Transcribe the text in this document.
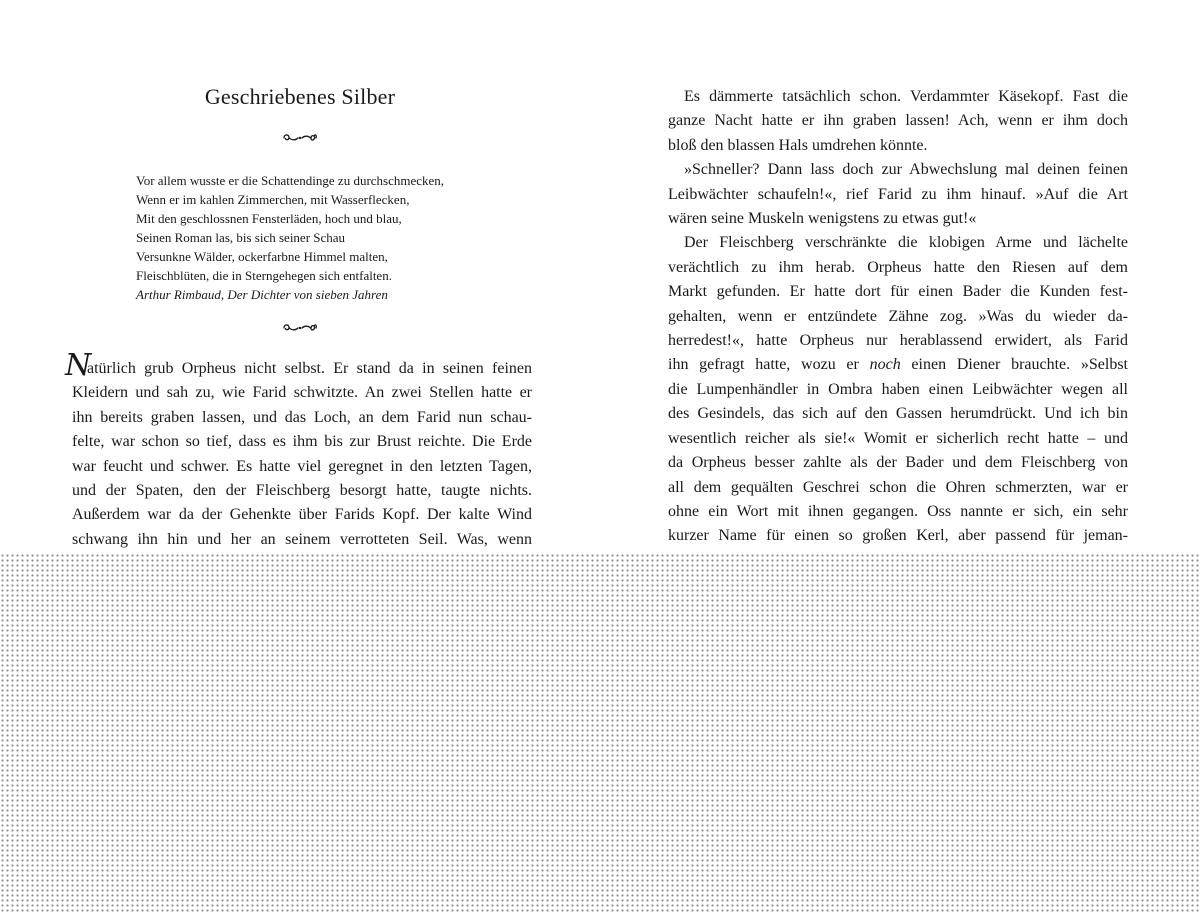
Geschriebenes Silber
Vor allem wusste er die Schattendinge zu durchschmecken,
Wenn er im kahlen Zimmerchen, mit Wasserflecken,
Mit den geschlossnen Fensterläden, hoch und blau,
Seinen Roman las, bis sich seiner Schau
Versunkne Wälder, ockerfarbne Himmel malten,
Fleischblüten, die in Sterngehegen sich entfalten.
Arthur Rimbaud, Der Dichter von sieben Jahren
Natürlich grub Orpheus nicht selbst. Er stand da in seinen feinen
Kleidern und sah zu, wie Farid schwitzte. An zwei Stellen hatte er
ihn bereits graben lassen, und das Loch, an dem Farid nun schau-
felte, war schon so tief, dass es ihm bis zur Brust reichte. Die Erde
war feucht und schwer. Es hatte viel geregnet in den letzten Tagen,
und der Spaten, den der Fleischberg besorgt hatte, taugte nichts.
Außerdem war da der Gehenkte über Farids Kopf. Der kalte Wind
schwang ihn hin und her an seinem verrotteten Seil. Was, wenn
Es dämmerte tatsächlich schon. Verdammter Käsekopf. Fast die
ganze Nacht hatte er ihn graben lassen! Ach, wenn er ihm doch
bloß den blassen Hals umdrehen könnte.
»Schneller? Dann lass doch zur Abwechslung mal deinen feinen
Leibwächter schaufeln!«, rief Farid zu ihm hinauf. »Auf die Art
wären seine Muskeln wenigstens zu etwas gut!«
Der Fleischberg verschränkte die klobigen Arme und lächelte
verächtlich zu ihm herab. Orpheus hatte den Riesen auf dem
Markt gefunden. Er hatte dort für einen Bader die Kunden fest-
gehalten, wenn er entzündete Zähne zog. »Was du wieder da-
herredest!«, hatte Orpheus nur herablassend erwidert, als Farid
ihn gefragt hatte, wozu er noch einen Diener brauchte. »Selbst
die Lumpenhändler in Ombra haben einen Leibwächter wegen all
des Gesindels, das sich auf den Gassen herumdrückt. Und ich bin
wesentlich reicher als sie!« Womit er sicherlich recht hatte – und
da Orpheus besser zahlte als der Bader und dem Fleischberg von
all dem gequälten Geschrei schon die Ohren schmerzten, war er
ohne ein Wort mit ihnen gegangen. Oss nannte er sich, ein sehr
kurzer Name für einen so großen Kerl, aber passend für jeman-
